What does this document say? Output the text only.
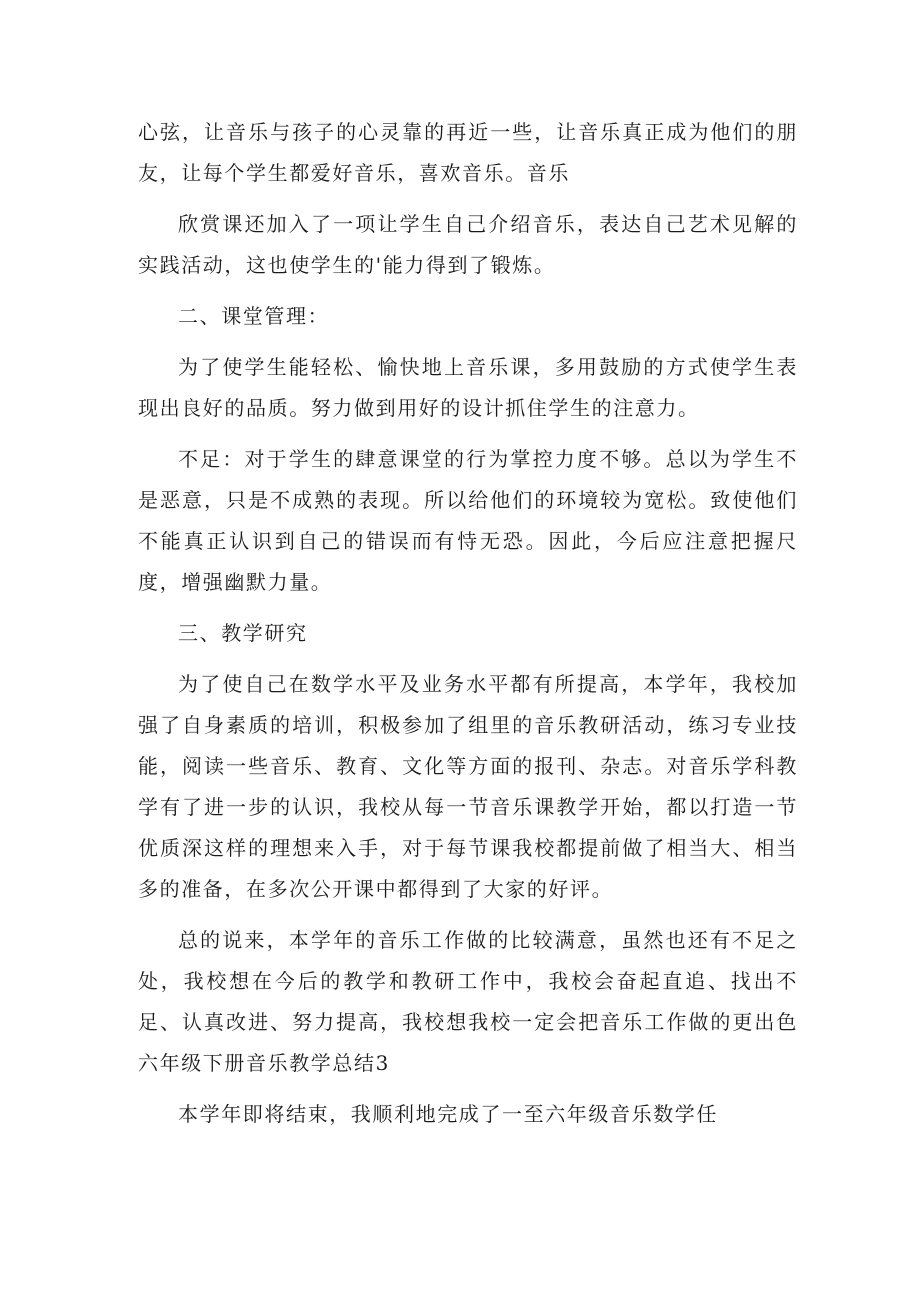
心弦，让音乐与孩子的心灵靠的再近一些，让音乐真正成为他们的朋友，让每个学生都爱好音乐，喜欢音乐。音乐

欣赏课还加入了一项让学生自己介绍音乐，表达自己艺术见解的实践活动，这也使学生的'能力得到了锻炼。

二、课堂管理：

为了使学生能轻松、愉快地上音乐课，多用鼓励的方式使学生表现出良好的品质。努力做到用好的设计抓住学生的注意力。

不足：对于学生的肆意课堂的行为掌控力度不够。总以为学生不是恶意，只是不成熟的表现。所以给他们的环境较为宽松。致使他们不能真正认识到自己的错误而有恃无恐。因此，今后应注意把握尺度，增强幽默力量。

三、教学研究

为了使自己在数学水平及业务水平都有所提高，本学年，我校加强了自身素质的培训，积极参加了组里的音乐教研活动，练习专业技能，阅读一些音乐、教育、文化等方面的报刊、杂志。对音乐学科教学有了进一步的认识，我校从每一节音乐课教学开始，都以打造一节优质深这样的理想来入手，对于每节课我校都提前做了相当大、相当多的准备，在多次公开课中都得到了大家的好评。

总的说来，本学年的音乐工作做的比较满意，虽然也还有不足之处，我校想在今后的教学和教研工作中，我校会奋起直追、找出不足、认真改进、努力提高，我校想我校一定会把音乐工作做的更出色六年级下册音乐教学总结3

本学年即将结束，我顺利地完成了一至六年级音乐数学任
